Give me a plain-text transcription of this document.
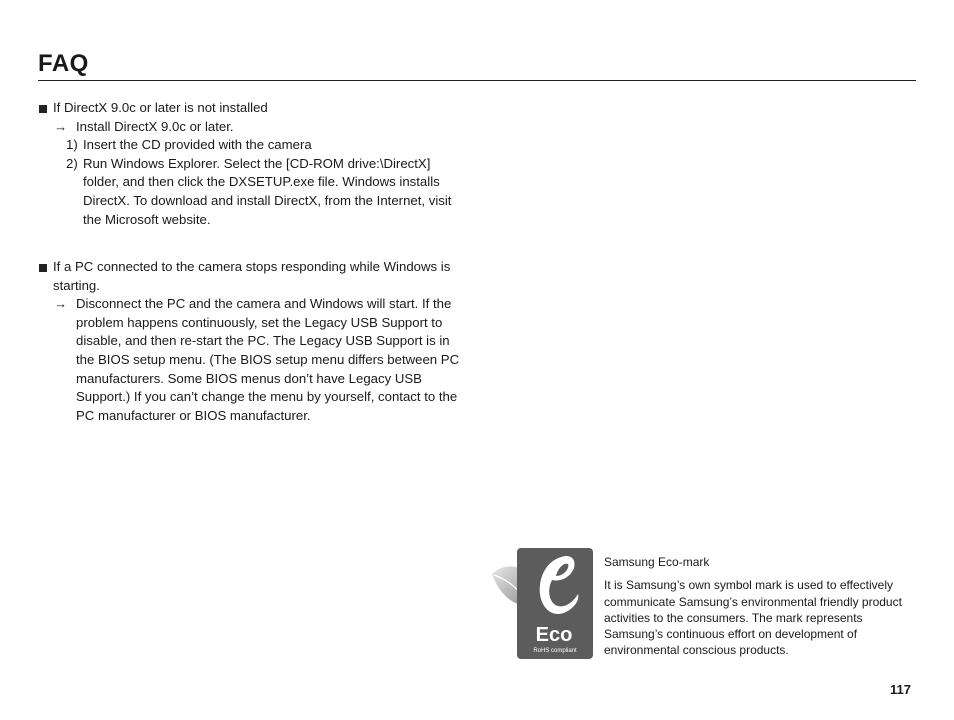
FAQ
If DirectX 9.0c or later is not installed
→ Install DirectX 9.0c or later.
1) Insert the CD provided with the camera
2) Run Windows Explorer. Select the [CD-ROM drive:\DirectX] folder, and then click the DXSETUP.exe file. Windows installs DirectX. To download and install DirectX, from the Internet, visit the Microsoft website.
If a PC connected to the camera stops responding while Windows is starting.
→ Disconnect the PC and the camera and Windows will start. If the problem happens continuously, set the Legacy USB Support to disable, and then re-start the PC. The Legacy USB Support is in the BIOS setup menu. (The BIOS setup menu differs between PC manufacturers. Some BIOS menus don’t have Legacy USB Support.) If you can’t change the menu by yourself, contact to the PC manufacturer or BIOS manufacturer.
Eco
RoHS compliant
Samsung Eco-mark
It is Samsung’s own symbol mark is used to effectively communicate Samsung’s environmental friendly product activities to the consumers. The mark represents Samsung’s continuous effort on development of environmental conscious products.
117
